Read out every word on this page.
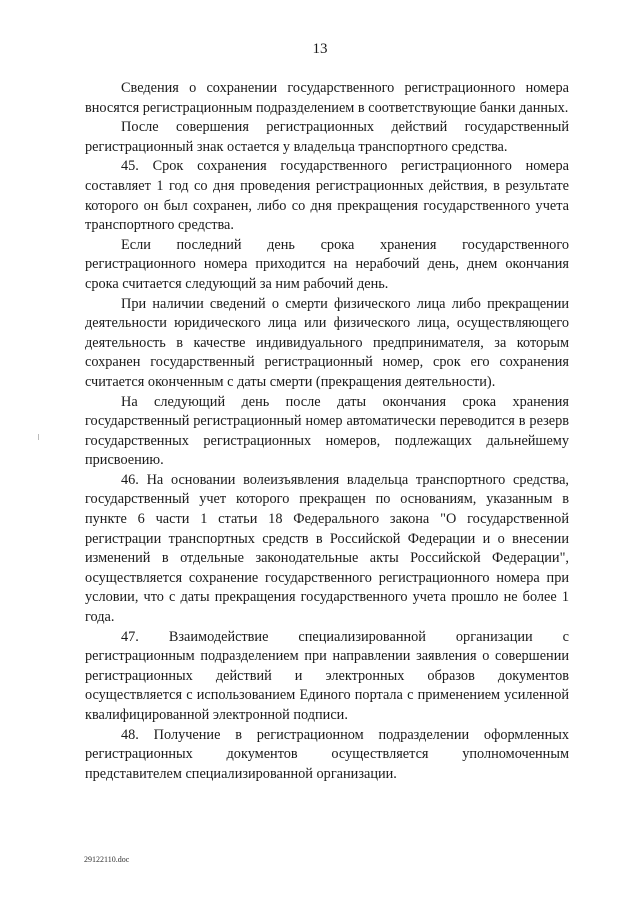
13

Сведения о сохранении государственного регистрационного номера вносятся регистрационным подразделением в соответствующие банки данных.

После совершения регистрационных действий государственный регистрационный знак остается у владельца транспортного средства.

45. Срок сохранения государственного регистрационного номера составляет 1 год со дня проведения регистрационных действия, в результате которого он был сохранен, либо со дня прекращения государственного учета транспортного средства.

Если последний день срока хранения государственного регистрационного номера приходится на нерабочий день, днем окончания срока считается следующий за ним рабочий день.

При наличии сведений о смерти физического лица либо прекращении деятельности юридического лица или физического лица, осуществляющего деятельность в качестве индивидуального предпринимателя, за которым сохранен государственный регистрационный номер, срок его сохранения считается оконченным с даты смерти (прекращения деятельности).

На следующий день после даты окончания срока хранения государственный регистрационный номер автоматически переводится в резерв государственных регистрационных номеров, подлежащих дальнейшему присвоению.

46. На основании волеизъявления владельца транспортного средства, государственный учет которого прекращен по основаниям, указанным в пункте 6 части 1 статьи 18 Федерального закона "О государственной регистрации транспортных средств в Российской Федерации и о внесении изменений в отдельные законодательные акты Российской Федерации", осуществляется сохранение государственного регистрационного номера при условии, что с даты прекращения государственного учета прошло не более 1 года.

47. Взаимодействие специализированной организации с регистрационным подразделением при направлении заявления о совершении регистрационных действий и электронных образов документов осуществляется с использованием Единого портала с применением усиленной квалифицированной электронной подписи.

48. Получение в регистрационном подразделении оформленных регистрационных документов осуществляется уполномоченным представителем специализированной организации.

29122110.doc
